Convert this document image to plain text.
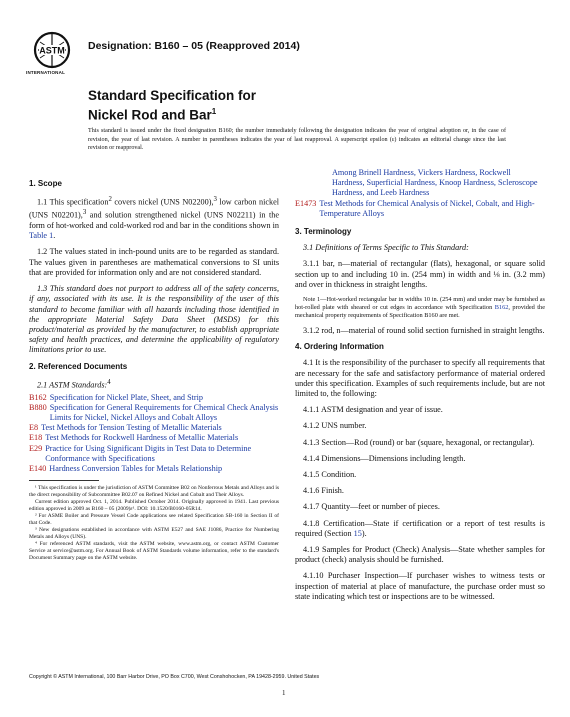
ASTM
INTERNATIONAL
Designation: B160 – 05 (Reapproved 2014)
Standard Specification for
Nickel Rod and Bar$^1$
This standard is issued under the fixed designation B160; the number immediately following the designation indicates the year of original adoption or, in the case of revision, the year of last revision. A number in parentheses indicates the year of last reapproval. A superscript epsilon (ε) indicates an editorial change since the last revision or reapproval.
1. Scope
1.1 This specification$^2$ covers nickel (UNS N02200),$^3$ low carbon nickel (UNS N02201),$^3$ and solution strengthened nickel (UNS N02211) in the form of hot-worked and cold-worked rod and bar in the conditions shown in Table 1.
1.2 The values stated in inch-pound units are to be regarded as standard. The values given in parentheses are mathematical conversions to SI units that are provided for information only and are not considered standard.
1.3 This standard does not purport to address all of the safety concerns, if any, associated with its use. It is the responsibility of the user of this standard to become familiar with all hazards including those identified in the appropriate Material Safety Data Sheet (MSDS) for this product/material as provided by the manufacturer, to establish appropriate safety and health practices, and determine the applicability of regulatory limitations prior to use.
2. Referenced Documents
2.1 ASTM Standards:$^4$
B162 Specification for Nickel Plate, Sheet, and Strip
B880 Specification for General Requirements for Chemical Check Analysis Limits for Nickel, Nickel Alloys and Cobalt Alloys
E8 Test Methods for Tension Testing of Metallic Materials
E18 Test Methods for Rockwell Hardness of Metallic Materials
E29 Practice for Using Significant Digits in Test Data to Determine Conformance with Specifications
E140 Hardness Conversion Tables for Metals Relationship
¹ This specification is under the jurisdiction of ASTM Committee B02 on Nonferrous Metals and Alloys and is the direct responsibility of Subcommittee B02.07 on Refined Nickel and Cobalt and Their Alloys.
Current edition approved Oct. 1, 2014. Published October 2014. Originally approved in 1941. Last previous edition approved in 2009 as B160 – 05 (2009)ε¹. DOI: 10.1520/B0160-05R14.
² For ASME Boiler and Pressure Vessel Code applications see related Specification SB-160 in Section II of that Code.
³ New designations established in accordance with ASTM E527 and SAE J1086, Practice for Numbering Metals and Alloys (UNS).
⁴ For referenced ASTM standards, visit the ASTM website, www.astm.org, or contact ASTM Customer Service at service@astm.org. For Annual Book of ASTM Standards volume information, refer to the standard's Document Summary page on the ASTM website.
Among Brinell Hardness, Vickers Hardness, Rockwell Hardness, Superficial Hardness, Knoop Hardness, Scleroscope Hardness, and Leeb Hardness
E1473 Test Methods for Chemical Analysis of Nickel, Cobalt, and High-Temperature Alloys
3. Terminology
3.1 Definitions of Terms Specific to This Standard:
3.1.1 bar, n—material of rectangular (flats), hexagonal, or square solid section up to and including 10 in. (254 mm) in width and ⅛ in. (3.2 mm) and over in thickness in straight lengths.
Note 1—Hot-worked rectangular bar in widths 10 in. (254 mm) and under may be furnished as hot-rolled plate with sheared or cut edges in accordance with Specification B162, provided the mechanical property requirements of Specification B160 are met.
3.1.2 rod, n—material of round solid section furnished in straight lengths.
4. Ordering Information
4.1 It is the responsibility of the purchaser to specify all requirements that are necessary for the safe and satisfactory performance of material ordered under this specification. Examples of such requirements include, but are not limited to, the following:
4.1.1 ASTM designation and year of issue.
4.1.2 UNS number.
4.1.3 Section—Rod (round) or bar (square, hexagonal, or rectangular).
4.1.4 Dimensions—Dimensions including length.
4.1.5 Condition.
4.1.6 Finish.
4.1.7 Quantity—feet or number of pieces.
4.1.8 Certification—State if certification or a report of test results is required (Section 15).
4.1.9 Samples for Product (Check) Analysis—State whether samples for product (check) analysis should be furnished.
4.1.10 Purchaser Inspection—If purchaser wishes to witness tests or inspection of material at place of manufacture, the purchase order must so state indicating which test or inspections are to be witnessed.
Copyright © ASTM International, 100 Barr Harbor Drive, PO Box C700, West Conshohocken, PA 19428-2959. United States
1
